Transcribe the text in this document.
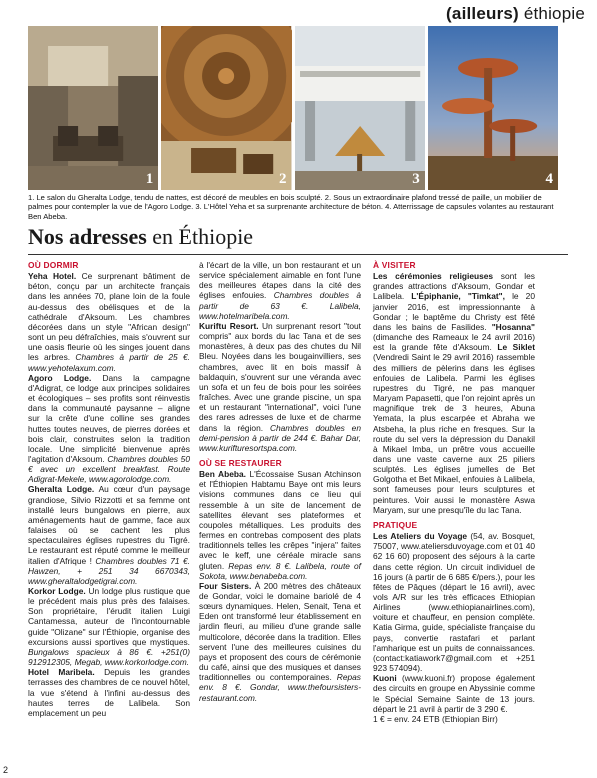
(ailleurs) éthiopie
1	2	3	4
1. Le salon du Gheralta Lodge, tendu de nattes, est décoré de meubles en bois sculpté. 2. Sous un extraordinaire plafond tressé de paille, un mobilier de palmes pour contempler la vue de l'Agoro Lodge. 3. L'Hôtel Yeha et sa surprenante architecture de béton. 4. Atterrissage de capsules volantes au restaurant Ben Abeba.
Nos adresses en Éthiopie

OÙ DORMIR

Yeha Hotel. Ce surprenant bâtiment de béton, conçu par un architecte français dans les années 70, plane loin de la foule au-dessus des obélisques et de la cathédrale d'Aksoum. Les chambres décorées dans un style "African design" sont un peu défraîchies, mais s'ouvrent sur une oasis fleurie où les singes jouent dans les arbres. Chambres à partir de 25 €. www.yehotelaxum.com.

Agoro Lodge. Dans la campagne d'Adigrat, ce lodge aux principes solidaires et écologiques – ses profits sont réinvestis dans la communauté paysanne – aligne sur la crête d'une colline ses grandes huttes toutes neuves, de pierres dorées et bois clair, construites selon la tradition locale. Une simplicité bienvenue après l'agitation d'Aksoum. Chambres doubles 50 € avec un excellent breakfast. Route Adigrat-Mekele, www.agorolodge.com.

Gheralta Lodge. Au cœur d'un paysage grandiose, Silvio Rizzotti et sa femme ont installé leurs bungalows en pierre, aux aménagements haut de gamme, face aux falaises où se cachent les plus spectaculaires églises rupestres du Tigré. Le restaurant est réputé comme le meilleur italien d'Afrique ! Chambres doubles 71 €. Hawzen, + 251 34 6670343, www.gheraltalodgetigrai.com.

Korkor Lodge. Un lodge plus rustique que le précédent mais plus près des falaises. Son propriétaire, l'érudit italien Luigi Cantamessa, auteur de l'incontournable guide "Olizane" sur l'Éthiopie, organise des excursions aussi sportives que mystiques. Bungalows spacieux à 86 €. +251(0) 912912305, Megab, www.korkorlodge.com.

Hotel Maribela. Depuis les grandes terrasses des chambres de ce nouvel hôtel, la vue s'étend à l'infini au-dessus des hautes terres de Lalibela. Son emplacement un peu

à l'écart de la ville, un bon restaurant et un service spécialement aimable en font l'une des meilleures étapes dans la cité des églises enfouies. Chambres doubles à partir de 63 €. Lalibela, www.hotelmaribela.com.

Kuriftu Resort. Un surprenant resort "tout compris" aux bords du lac Tana et de ses monastères, à deux pas des chutes du Nil Bleu. Noyées dans les bougainvilliers, ses chambres, avec lit en bois massif à baldaquin, s'ouvrent sur une véranda avec un sofa et un feu de bois pour les soirées fraîches. Avec une grande piscine, un spa et un restaurant "international", voici l'une des rares adresses de luxe et de charme dans la région. Chambres doubles en demi-pension à partir de 244 €. Bahar Dar, www.kurifturesortspa.com.

OÙ SE RESTAURER

Ben Abeba. L'Écossaise Susan Atchinson et l'Éthiopien Habtamu Baye ont mis leurs visions communes dans ce lieu qui ressemble à un site de lancement de satellites élevant ses plateformes et coupoles métalliques. Les produits des fermes en contrebas composent des plats traditionnels telles les crêpes "injera" faites avec le keff, une céréale miracle sans gluten. Repas env. 8 €. Lalibela, route of Sokota, www.benabeba.com.

Four Sisters. À 200 mètres des châteaux de Gondar, voici le domaine bariolé de 4 sœurs dynamiques. Helen, Senait, Tena et Eden ont transformé leur établissement en jardin fleuri, au milieu d'une grande salle multicolore, décorée dans la tradition. Elles servent l'une des meilleures cuisines du pays et proposent des cours de cérémonie du café, ainsi que des musiques et danses traditionnelles ou contemporaines. Repas env. 8 €. Gondar, www.thefoursisters-restaurant.com.

À VISITER

Les cérémonies religieuses sont les grandes attractions d'Aksoum, Gondar et Lalibela. L'Épiphanie, "Timkat", le 20 janvier 2016, est impressionnante à Gondar ; le baptême du Christy est fêté dans les bains de Fasilides. "Hosanna" (dimanche des Rameaux le 24 avril 2016) est la grande fête d'Aksoum. Le Siklet (Vendredi Saint le 29 avril 2016) rassemble des milliers de pèlerins dans les églises enfouies de Lalibela. Parmi les églises rupestres du Tigré, ne pas manquer Maryam Papasetti, que l'on rejoint après un magnifique trek de 3 heures, Abuna Yemata, la plus escarpée et Abraha we Atsbeha, la plus riche en fresques. Sur la route du sel vers la dépression du Danakil à Mikael Imba, un prêtre vous accueille dans une vaste caverne aux 25 piliers sculptés. Les églises jumelles de Bet Golgotha et Bet Mikael, enfouies à Lalibela, sont fameuses pour leurs sculptures et peintures. Voir aussi le monastère Aswa Maryam, sur une presqu'île du lac Tana.

PRATIQUE

Les Ateliers du Voyage (54, av. Bosquet, 75007, www.ateliersduvoyage.com et 01 40 62 16 60) proposent des séjours à la carte dans cette région. Un circuit individuel de 16 jours (à partir de 6 685 €/pers.), pour les fêtes de Pâques (départ le 16 avril), avec vols A/R sur les très efficaces Ethiopian Airlines (www.ethiopianairlines.com), voiture et chauffeur, en pension complète. Katia Girma, guide, spécialiste française du pays, convertie rastafari et parlant l'amharique est un puits de connaissances.(contact:katiawork7@gmail.com et +251 923 574094).

Kuoni (www.kuoni.fr) propose également des circuits en groupe en Abyssinie comme le Spécial Semaine Sainte de 13 jours. départ le 21 avril à partir de 3 290 €.

1 € = env. 24 ETB (Ethiopian Birr)

2
